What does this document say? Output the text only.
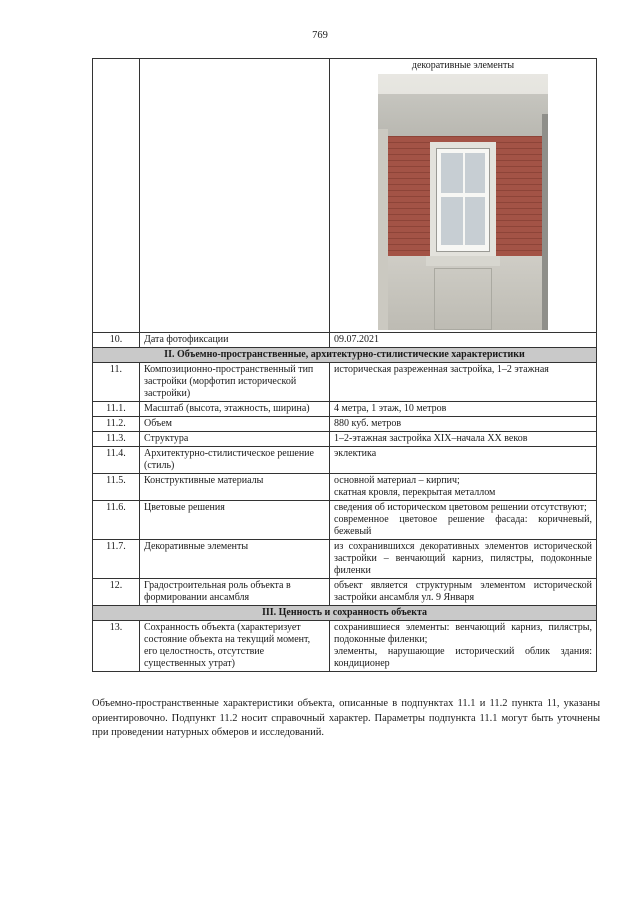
769

		декоративные элементы

10.	Дата фотофиксации	09.07.2021
II. Объемно-пространственные, архитектурно-стилистические характеристики		
11.	Композиционно-пространственный тип застройки (морфотип исторической застройки)	историческая разреженная застройка, 1–2 этажная
11.1.	Масштаб (высота, этажность, ширина)	4 метра, 1 этаж, 10 метров
11.2.	Объем	880 куб. метров
11.3.	Структура	1–2-этажная застройка XIX–начала XX веков
11.4.	Архитектурно-стилистическое решение (стиль)	эклектика
11.5.	Конструктивные материалы	основной материал – кирпич;
скатная кровля, перекрытая металлом

11.6.	Цветовые решения	сведения об историческом цветовом решении отсутствуют;
современное цветовое решение фасада: коричневый, бежевый

11.7.	Декоративные элементы	из сохранившихся декоративных элементов исторической застройки – венчающий карниз, пилястры, подоконные филенки
12.	Градостроительная роль объекта в формировании ансамбля	объект является структурным элементом исторической застройки ансамбля ул. 9 Января
III. Ценность и сохранность объекта		
13.	Сохранность объекта (характеризует состояние объекта на текущий момент, его целостность, отсутствие существенных утрат)	сохранившиеся элементы: венчающий карниз, пилястры, подоконные филенки;
элементы, нарушающие исторический облик здания: кондиционер
Объемно-пространственные характеристики объекта, описанные в подпунктах 11.1 и 11.2 пункта 11, указаны ориентировочно. Подпункт 11.2 носит справочный характер. Параметры подпункта 11.1 могут быть уточнены при проведении натурных обмеров и исследований.
